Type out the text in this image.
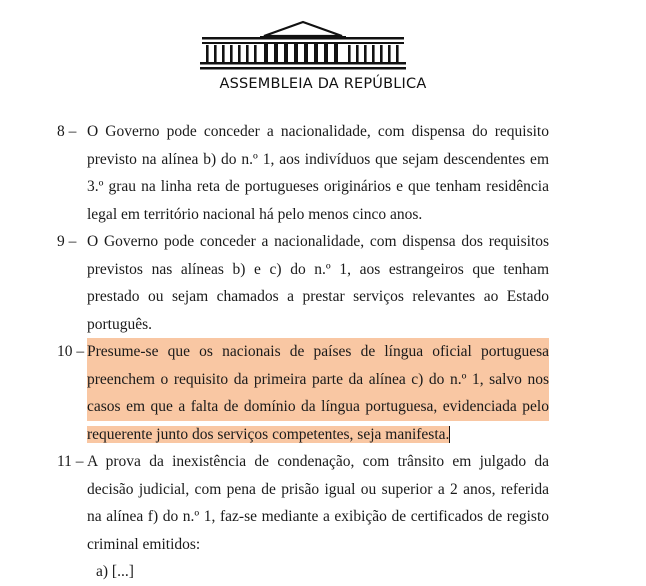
ASSEMBLEIA DA REPÚBLICA
8 – O Governo pode conceder a nacionalidade, com dispensa do requisito
previsto na alínea b) do n.º 1, aos indivíduos que sejam descendentes em
3.º grau na linha reta de portugueses originários e que tenham residência
legal em território nacional há pelo menos cinco anos.
9 – O Governo pode conceder a nacionalidade, com dispensa dos requisitos
previstos nas alíneas b) e c) do n.º 1, aos estrangeiros que tenham
prestado ou sejam chamados a prestar serviços relevantes ao Estado
português.
10 – Presume-se que os nacionais de países de língua oficial portuguesa
preenchem o requisito da primeira parte da alínea c) do n.º 1, salvo nos
casos em que a falta de domínio da língua portuguesa, evidenciada pelo
requerente junto dos serviços competentes, seja manifesta.
11 – A prova da inexistência de condenação, com trânsito em julgado da
decisão judicial, com pena de prisão igual ou superior a 2 anos, referida
na alínea f) do n.º 1, faz-se mediante a exibição de certificados de registo
criminal emitidos:
a) [...]
